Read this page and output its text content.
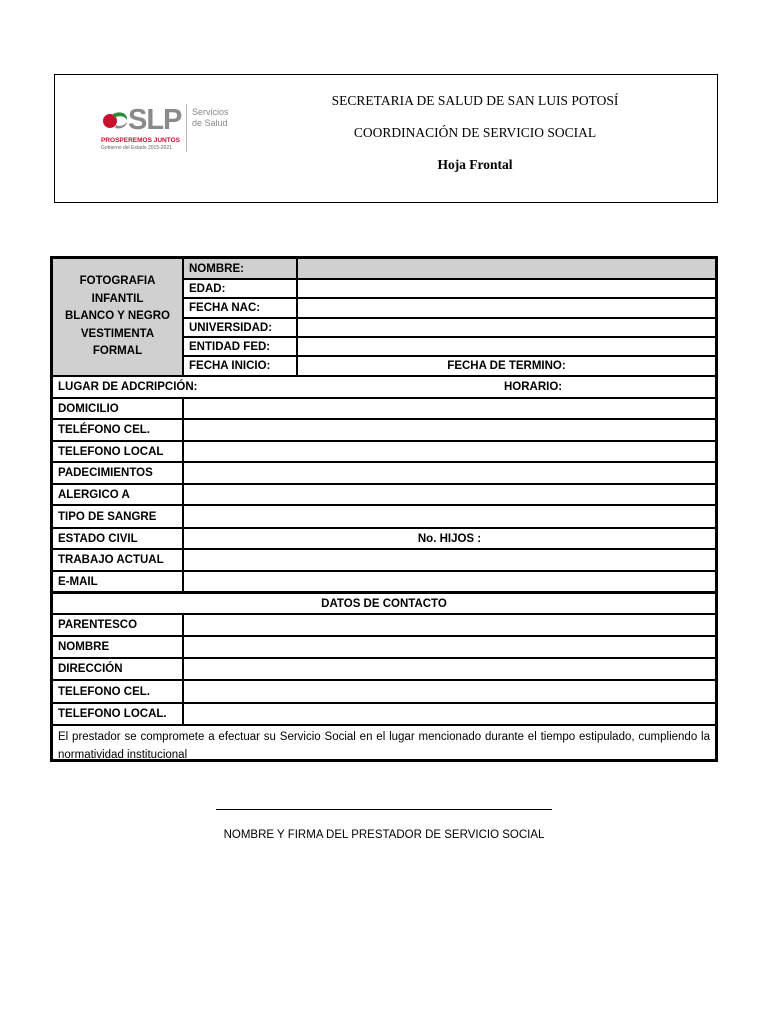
SLP Servicios
de Salud
PROSPEREMOS JUNTOS
Gobierno del Estado 2015-2021
SECRETARIA DE SALUD DE SAN LUIS POTOSÍ
COORDINACIÓN DE SERVICIO SOCIAL
Hoja Frontal
FOTOGRAFIA
INFANTIL
BLANCO Y NEGRO
VESTIMENTA
FORMAL
NOMBRE:
EDAD:
FECHA NAC:
UNIVERSIDAD:
ENTIDAD FED:
FECHA INICIO:	FECHA DE TERMINO:
LUGAR DE ADCRIPCIÓN:	HORARIO:
DOMICILIO
TELÉFONO CEL.
TELEFONO LOCAL
PADECIMIENTOS
ALERGICO A
TIPO DE SANGRE
ESTADO CIVIL	No. HIJOS :
TRABAJO ACTUAL
E-MAIL
DATOS DE CONTACTO
PARENTESCO
NOMBRE
DIRECCIÓN
TELEFONO CEL.
TELEFONO LOCAL.
El prestador se compromete a efectuar su Servicio Social en el lugar mencionado durante el tiempo estipulado, cumpliendo la normatividad institucional
NOMBRE Y FIRMA DEL PRESTADOR DE SERVICIO SOCIAL
